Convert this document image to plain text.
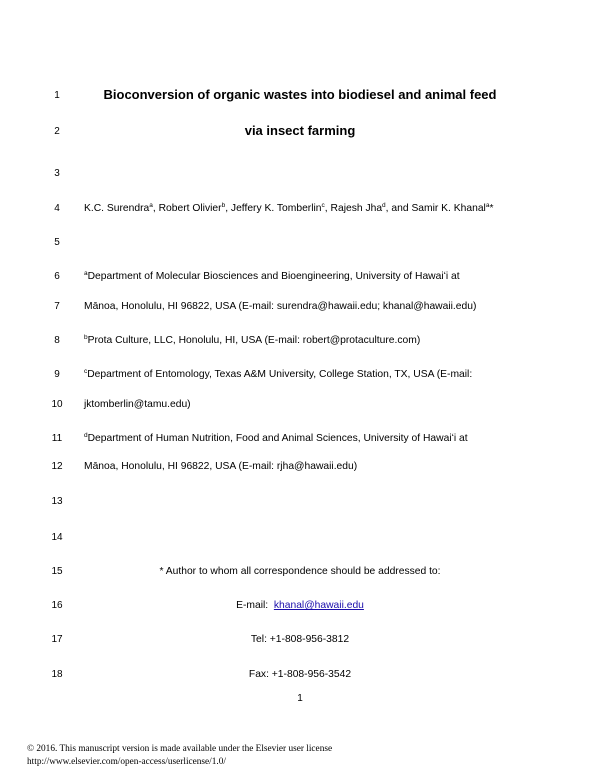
1
2
3
4
5
6
7
8
9
10
11
12
13
14
15
16
17
18
Bioconversion of organic wastes into biodiesel and animal feed
via insect farming
K.C. Surendra$^a$, Robert Olivier$^b$, Jeffery K. Tomberlin$^c$, Rajesh Jha$^d$, and Samir K. Khanal$^a$*
$^a$Department of Molecular Biosciences and Bioengineering, University of Hawaiʻi at
Mānoa, Honolulu, HI 96822, USA (E-mail: surendra@hawaii.edu; khanal@hawaii.edu)
$^b$Prota Culture, LLC, Honolulu, HI, USA (E-mail: robert@protaculture.com)
$^c$Department of Entomology, Texas A&M University, College Station, TX, USA (E-mail:
jktomberlin@tamu.edu)
$^d$Department of Human Nutrition, Food and Animal Sciences, University of Hawaiʻi at
Mānoa, Honolulu, HI 96822, USA (E-mail: rjha@hawaii.edu)
* Author to whom all correspondence should be addressed to:
E-mail: khanal@hawaii.edu
Tel: +1-808-956-3812
Fax: +1-808-956-3542
1
© 2016. This manuscript version is made available under the Elsevier user license
http://www.elsevier.com/open-access/userlicense/1.0/
